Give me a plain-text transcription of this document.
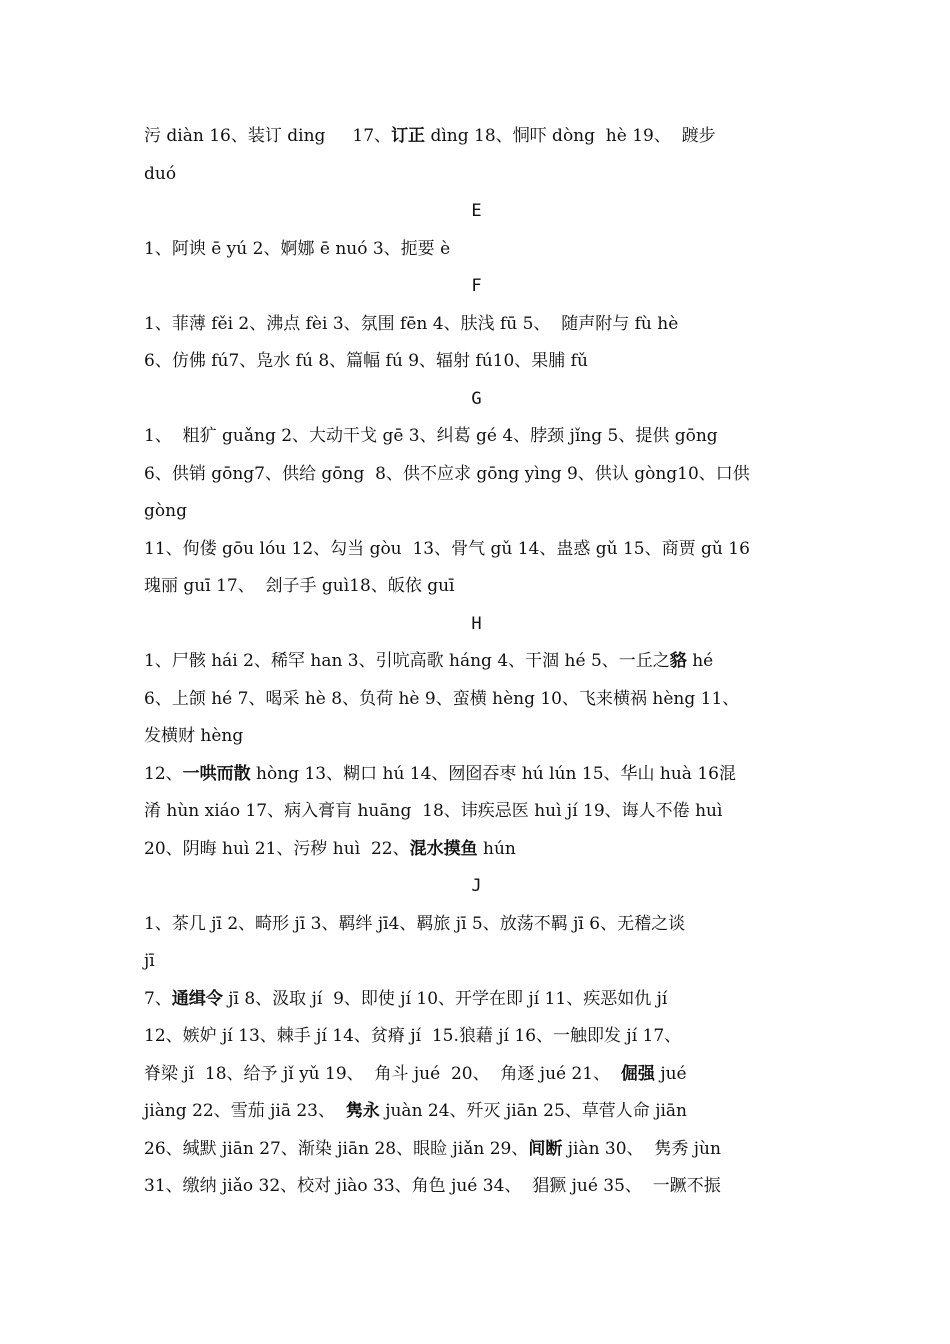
污 diàn 16、装订 ding     17、订正 dìng 18、恫吓 dòng  hè 19、  踱步
duó
E
1、阿谀 ē yú 2、婀娜 ē nuó 3、扼要 è
F
1、菲薄 fěi 2、沸点 fèi 3、氛围 fēn 4、肤浅 fū 5、  随声附与 fù hè
6、仿佛 fú7、凫水 fú 8、篇幅 fú 9、辐射 fú10、果脯 fǔ
G
1、  粗犷 guǎng 2、大动干戈 gē 3、纠葛 gé 4、脖颈 jǐng 5、提供 gōng
6、供销 gōng7、供给 gōng  8、供不应求 gōng yìng 9、供认 gòng10、口供
gòng
11、佝偻 gōu lóu 12、勾当 gòu  13、骨气 gǔ 14、蛊惑 gǔ 15、商贾 gǔ 16
瑰丽 guī 17、  刽子手 guì18、皈依 guī
H
1、尸骸 hái 2、稀罕 han 3、引吭高歌 háng 4、干涸 hé 5、一丘之貉 hé
6、上颌 hé 7、喝采 hè 8、负荷 hè 9、蛮横 hèng 10、飞来横祸 hèng 11、
发横财 hèng
12、一哄而散 hòng 13、糊口 hú 14、囫囵吞枣 hú lún 15、华山 huà 16混
淆 hùn xiáo 17、病入膏肓 huāng  18、讳疾忌医 huì jí 19、诲人不倦 huì
20、阴晦 huì 21、污秽 huì  22、混水摸鱼 hún
J
1、茶几 jī 2、畸形 jī 3、羁绊 jī4、羁旅 jī 5、放荡不羁 jī 6、无稽之谈
jī
7、通缉令 jī 8、汲取 jí  9、即使 jí 10、开学在即 jí 11、疾恶如仇 jí
12、嫉妒 jí 13、棘手 jí 14、贫瘠 jí  15.狼藉 jí 16、一触即发 jí 17、
脊梁 jǐ  18、给予 jǐ yǔ 19、  角斗 jué  20、  角逐 jué 21、  倔强 jué
jiàng 22、雪茄 jiā 23、  隽永 juàn 24、歼灭 jiān 25、草菅人命 jiān
26、缄默 jiān 27、渐染 jiān 28、眼睑 jiǎn 29、间断 jiàn 30、  隽秀 jùn
31、缴纳 jiǎo 32、校对 jiào 33、角色 jué 34、  猖獗 jué 35、  一蹶不振
